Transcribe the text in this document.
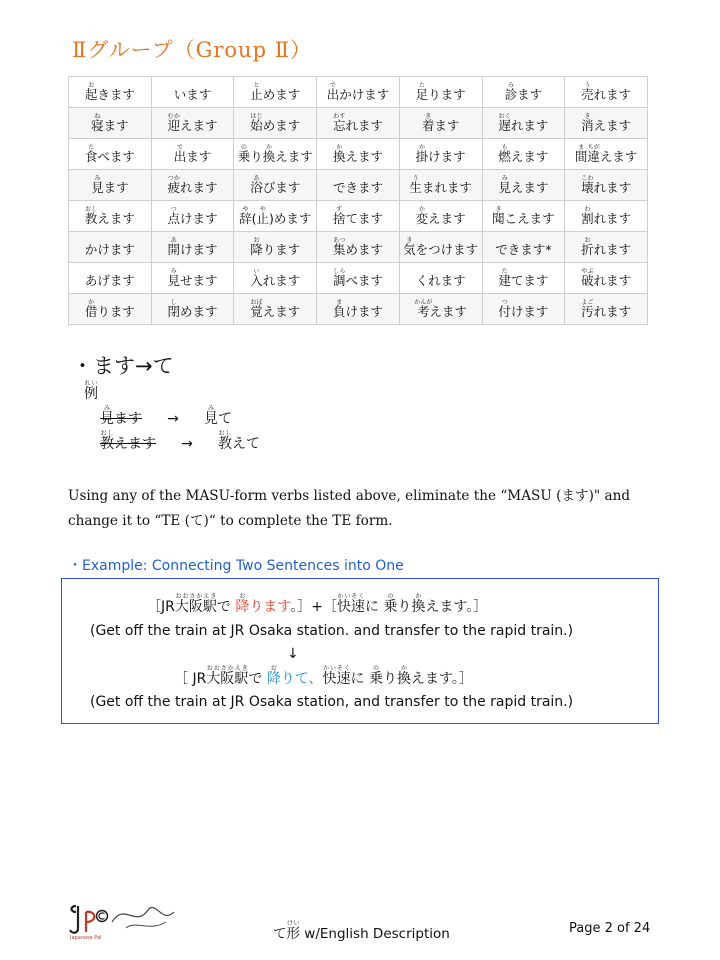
Ⅱグループ（Group Ⅱ）
起おきます	います	止とめます	出でかけます	足たります	診みます	売うれます
寝ねます	迎むかえます	始はじめます	忘わすれます	着きます	遅おくれます	消きえます
食たべます	出でます	乗のり換かえます	換かえます	掛かけます	燃もえます	間ま違ちがえます
見みます	疲つかれます	浴あびます	できます	生うまれます	見みえます	壊こわれます
教おしえます	点つけます	辞や(止や)めます	捨すてます	変かえます	聞きこえます	割われます
かけます	開あけます	降おります	集あつめます	気きをつけます	できます*	折おれます
あげます	見みせます	入いれます	調しらべます	くれます	建たてます	破やぶれます
借かります	閉しめます	覚おぼえます	負まけます	考かんがえます	付つけます	汚よごれます
・ます→て
例れい
見みます → 見みて
教おしえます → 教おしえて
Using any of the MASU-form verbs listed above, eliminate the “MASU (ます)" and change it to “TE (て)“ to complete the TE form.
・Example: Connecting Two Sentences into One
［JR大阪駅おおさかえきで 降おります。］+［快速かいそくに 乗のり換かえます。］
(Get off the train at JR Osaka station. and transfer to the rapid train.)
↓
［ JR大阪駅おおさかえきで 降おりて、快速かいそくに 乗のり換かえます。］
(Get off the train at JR Osaka station, and transfer to the rapid train.)
Japanese Pal	て形けい w/English Description	Page 2 of 24
